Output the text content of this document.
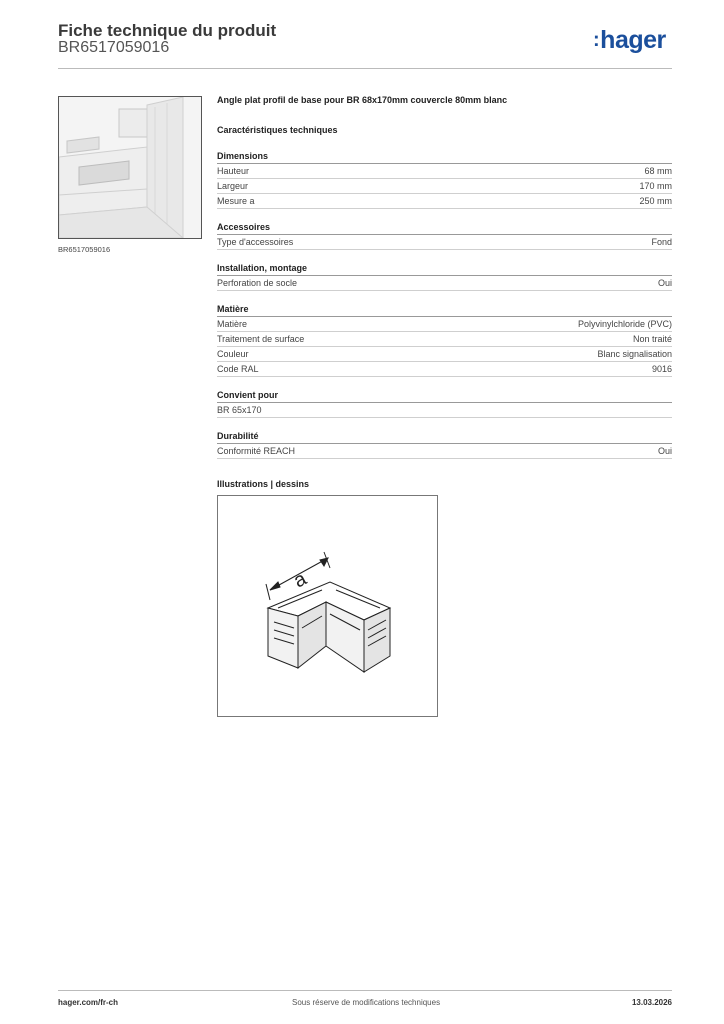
Fiche technique du produit
BR6517059016	:hager
BR6517059016
Angle plat profil de base pour BR 68x170mm couvercle 80mm blanc
Caractéristiques techniques
Dimensions
Hauteur	68 mm
Largeur	170 mm
Mesure a	250 mm
Accessoires
Type d'accessoires	Fond
Installation, montage
Perforation de socle	Oui
Matière
Matière	Polyvinylchloride (PVC)
Traitement de surface	Non traité
Couleur	Blanc signalisation
Code RAL	9016
Convient pour
BR 65x170
Durabilité
Conformité REACH	Oui
Illustrations | dessins
a
hager.com/fr-ch	Sous réserve de modifications techniques	13.03.2026
